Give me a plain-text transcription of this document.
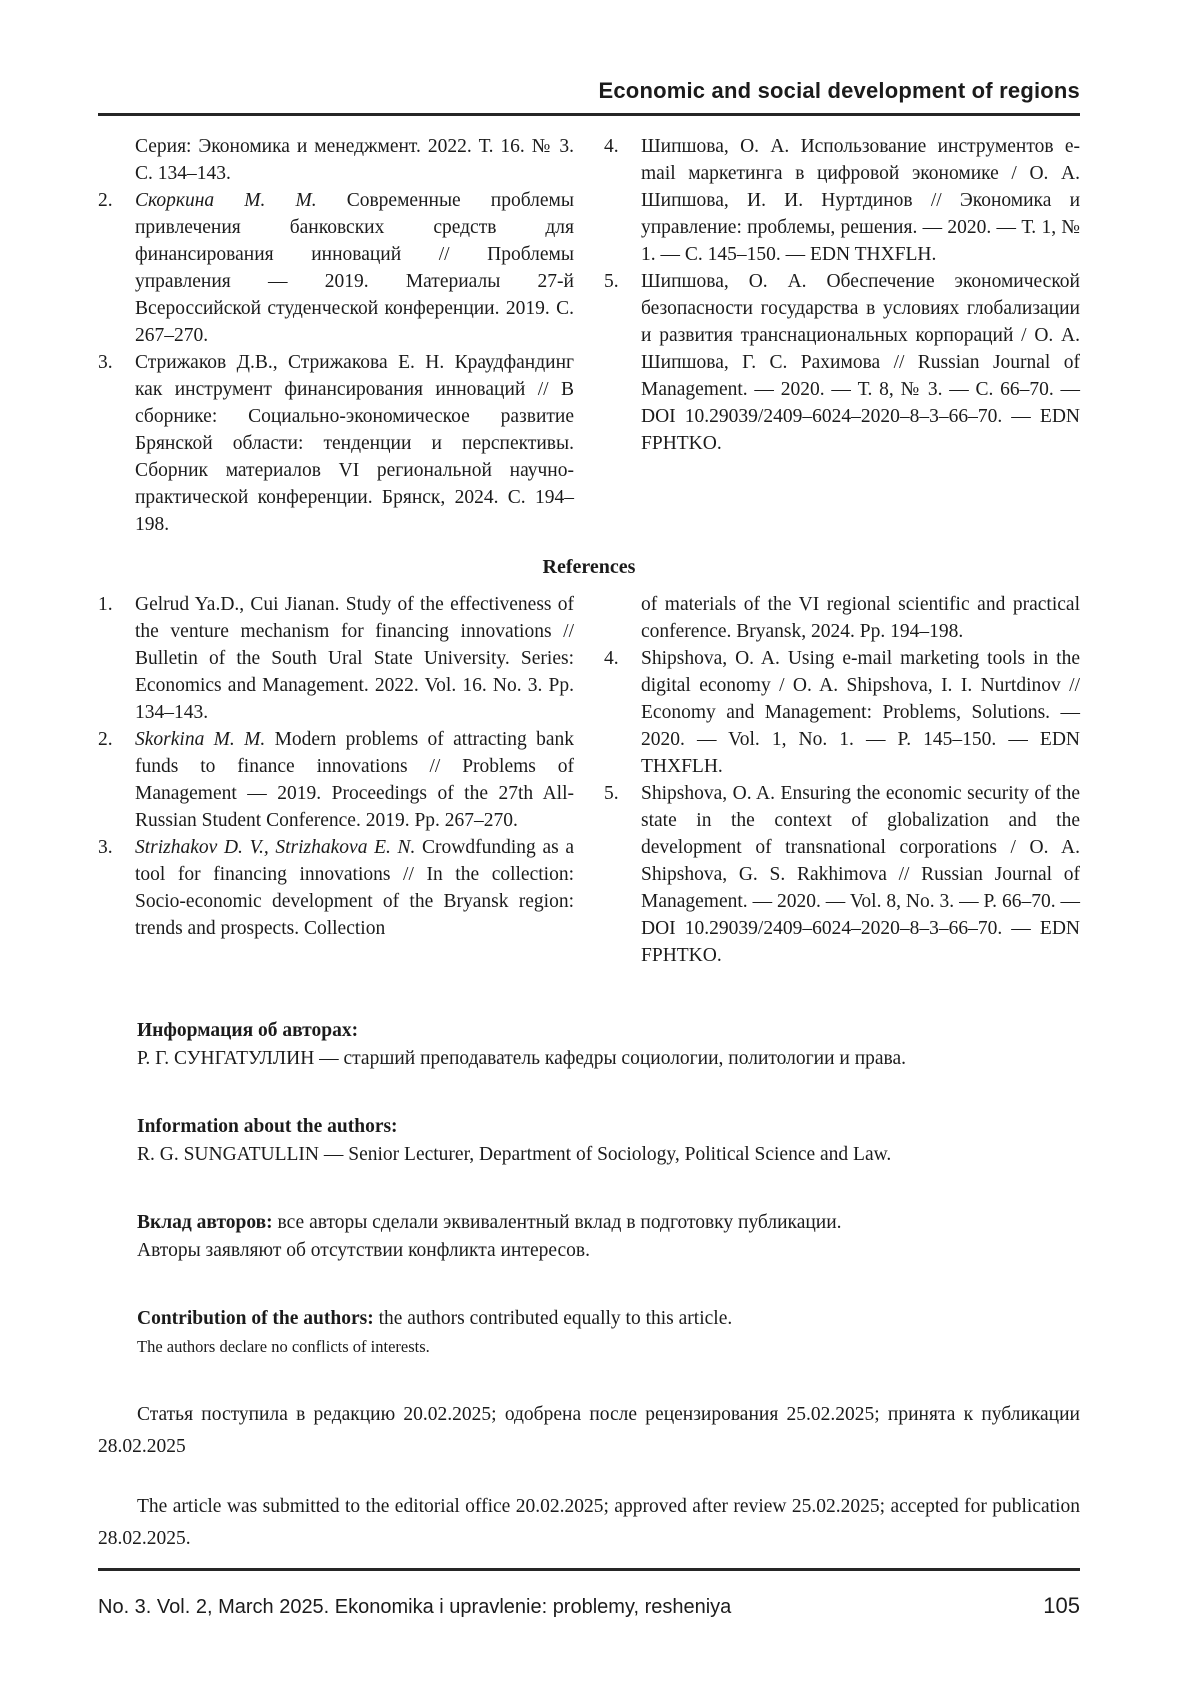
Economic and social development of regions
Серия: Экономика и менеджмент. 2022. Т. 16. № 3. С. 134–143.
2. Скоркина М. М. Современные проблемы привлечения банковских средств для финансирования инноваций // Проблемы управления — 2019. Материалы 27-й Всероссийской студенческой конференции. 2019. С. 267–270.
3. Стрижаков Д.В., Стрижакова Е. Н. Краудфандинг как инструмент финансирования инноваций // В сборнике: Социально-экономическое развитие Брянской области: тенденции и перспективы. Сборник материалов VI региональной научно-практической конференции. Брянск, 2024. С. 194–198.
4. Шипшова, О. А. Использование инструментов e-mail маркетинга в цифровой экономике / О. А. Шипшова, И. И. Нуртдинов // Экономика и управление: проблемы, решения. — 2020. — Т. 1, № 1. — С. 145–150. — EDN THXFLH.
5. Шипшова, О. А. Обеспечение экономической безопасности государства в условиях глобализации и развития транснациональных корпораций / О. А. Шипшова, Г. С. Рахимова // Russian Journal of Management. — 2020. — Т. 8, № 3. — С. 66–70. — DOI 10.29039/2409–6024–2020–8–3–66–70. — EDN FPHTKO.
References
1. Gelrud Ya.D., Cui Jianan. Study of the effectiveness of the venture mechanism for financing innovations // Bulletin of the South Ural State University. Series: Economics and Management. 2022. Vol. 16. No. 3. Pp. 134–143.
2. Skorkina M. M. Modern problems of attracting bank funds to finance innovations // Problems of Management — 2019. Proceedings of the 27th All-Russian Student Conference. 2019. Pp. 267–270.
3. Strizhakov D. V., Strizhakova E. N. Crowdfunding as a tool for financing innovations // In the collection: Socio-economic development of the Bryansk region: trends and prospects. Collection
of materials of the VI regional scientific and practical conference. Bryansk, 2024. Pp. 194–198.
4. Shipshova, O. A. Using e-mail marketing tools in the digital economy / O. A. Shipshova, I. I. Nurtdinov // Economy and Management: Problems, Solutions. — 2020. — Vol. 1, No. 1. — P. 145–150. — EDN THXFLH.
5. Shipshova, O. A. Ensuring the economic security of the state in the context of globalization and the development of transnational corporations / O. A. Shipshova, G. S. Rakhimova // Russian Journal of Management. — 2020. — Vol. 8, No. 3. — P. 66–70. — DOI 10.29039/2409–6024–2020–8–3–66–70. — EDN FPHTKO.
Информация об авторах:
Р. Г. СУНГАТУЛЛИН — старший преподаватель кафедры социологии, политологии и права.
Information about the authors:
R. G. SUNGATULLIN — Senior Lecturer, Department of Sociology, Political Science and Law.
Вклад авторов: все авторы сделали эквивалентный вклад в подготовку публикации.
Авторы заявляют об отсутствии конфликта интересов.
Contribution of the authors: the authors contributed equally to this article.
The authors declare no conflicts of interests.
Статья поступила в редакцию 20.02.2025; одобрена после рецензирования 25.02.2025; принята к публикации 28.02.2025
The article was submitted to the editorial office 20.02.2025; approved after review 25.02.2025; accepted for publication 28.02.2025.
No. 3. Vol. 2, March 2025. Ekonomika i upravlenie: problemy, resheniya	105
